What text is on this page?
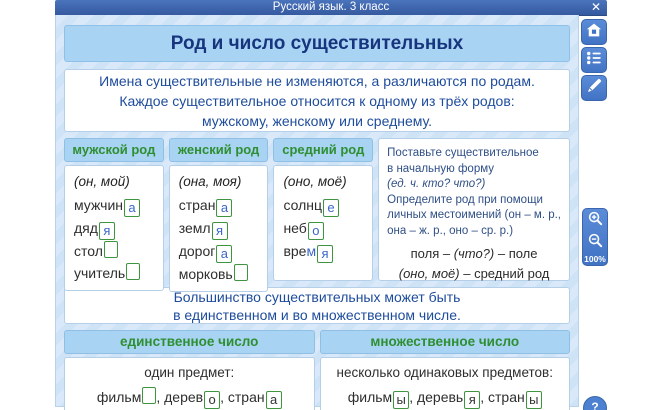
Русский язык. 3 класс	✕
Род и число существительных
Имена существительные не изменяются, а различаются по родам.
Каждое существительное относится к одному из трёх родов:
мужскому, женскому или среднему.
мужской род
(он, мой)
мужчин а
дяд я
стол
учитель
женский род
(она, моя)
стран а
земл я
дорог а
морковь
средний род
(оно, моё)
солнц е
неб о
врем я
Поставьте существительное
в начальную форму
(ед. ч. кто? что?)
Определите род при помощи
личных местоимений (он – м. р.,
она – ж. р., оно – ср. р.)
поля – (что?) – поле
(оно, моё) – средний род
Большинство существительных может быть
в единственном и во множественном числе.
единственное число
один предмет:
фильм , дерев о , стран а
множественное число
несколько одинаковых предметов:
фильм ы , деревь я , стран ы
100%
?
